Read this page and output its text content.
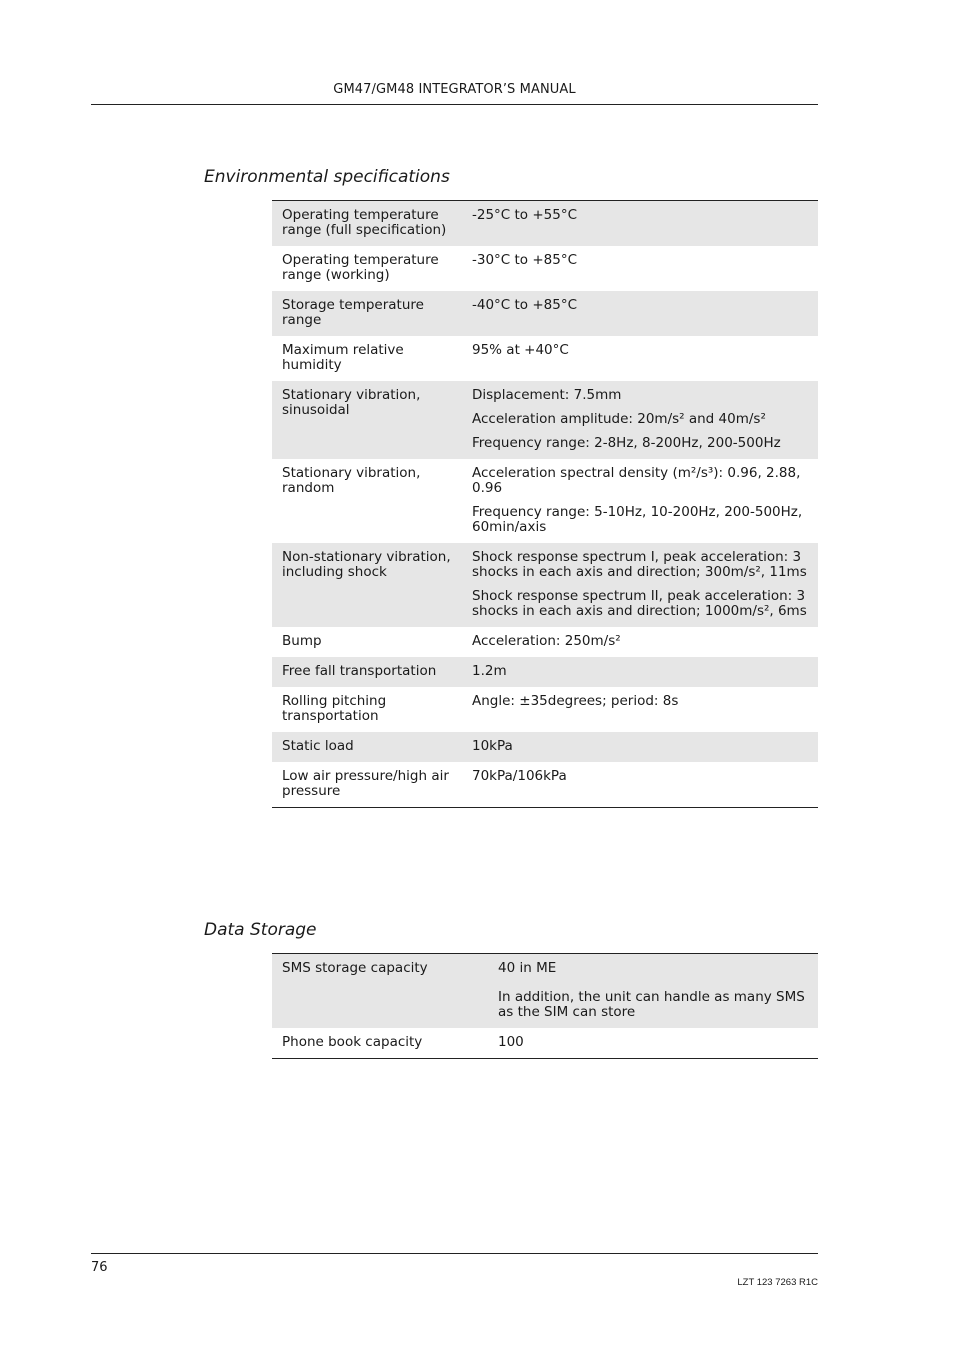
GM47/GM48 INTEGRATOR’S MANUAL
Environmental specifications
Operating temperature range (full specification)	-25°C to +55°C

Operating temperature range (working)	-30°C to +85°C

Storage temperature range	-40°C to +85°C

Maximum relative humidity	95% at +40°C

Stationary vibration, sinusoidal	Displacement: 7.5mm
Acceleration amplitude: 20m/s² and 40m/s²
Frequency range: 2-8Hz, 8-200Hz, 200-500Hz

Stationary vibration, random	Acceleration spectral density (m²/s³): 0.96, 2.88, 0.96
Frequency range: 5-10Hz, 10-200Hz, 200-500Hz, 60min/axis

Non-stationary vibration, including shock	Shock response spectrum I, peak acceleration: 3 shocks in each axis and direction; 300m/s², 11ms
Shock response spectrum II, peak acceleration: 3 shocks in each axis and direction; 1000m/s², 6ms

Bump	Acceleration: 250m/s²

Free fall transportation	1.2m

Rolling pitching transportation	Angle: ±35degrees; period: 8s

Static load	10kPa

Low air pressure/high air pressure	70kPa/106kPa
Data Storage
SMS storage capacity	40 in ME
In addition, the unit can handle as many SMS as the SIM can store

Phone book capacity	100
76
LZT 123 7263 R1C
